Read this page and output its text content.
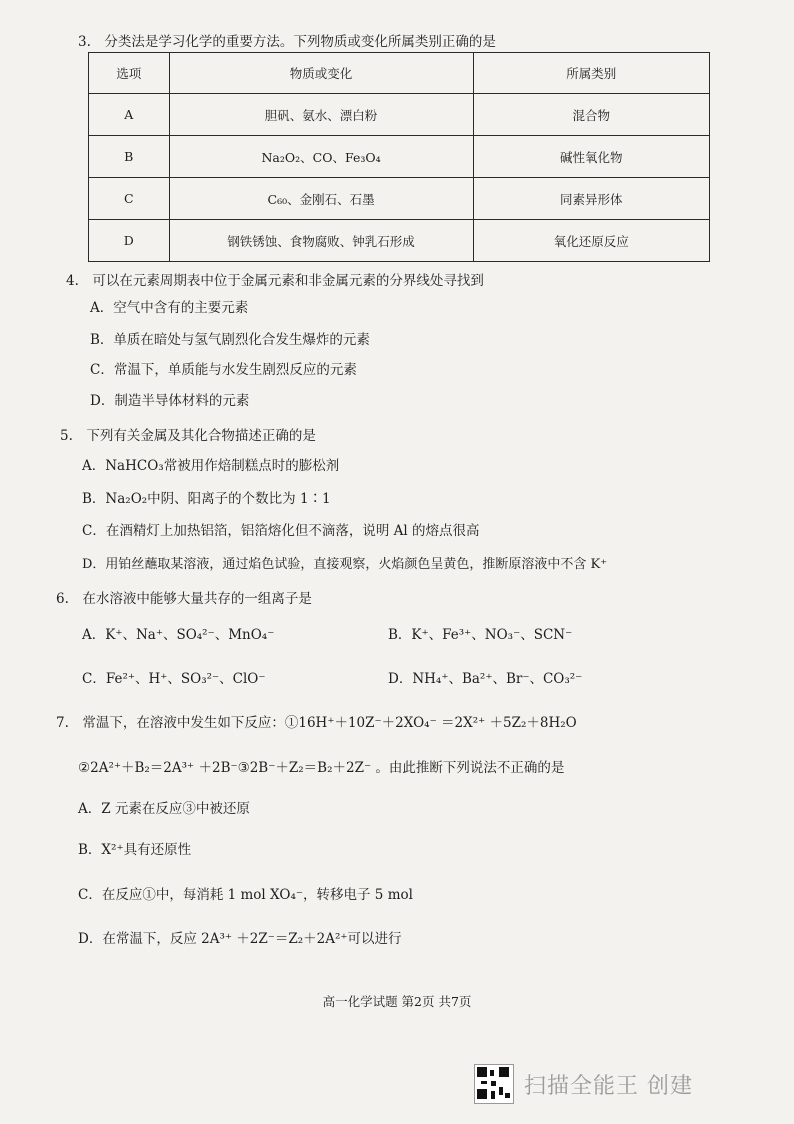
3.　分类法是学习化学的重要方法。下列物质或变化所属类别正确的是
选项	物质或变化	所属类别
A	胆矾、氨水、漂白粉	混合物
B	Na₂O₂、CO、Fe₃O₄	碱性氧化物
C	C₆₀、金刚石、石墨	同素异形体
D	钢铁锈蚀、食物腐败、钟乳石形成	氧化还原反应
4.　可以在元素周期表中位于金属元素和非金属元素的分界线处寻找到
A．空气中含有的主要元素
B．单质在暗处与氢气剧烈化合发生爆炸的元素
C．常温下，单质能与水发生剧烈反应的元素
D．制造半导体材料的元素
5.　下列有关金属及其化合物描述正确的是
A．NaHCO₃常被用作焙制糕点时的膨松剂
B．Na₂O₂中阴、阳离子的个数比为 1∶1
C．在酒精灯上加热铝箔，铝箔熔化但不滴落，说明 Al 的熔点很高
D．用铂丝蘸取某溶液，通过焰色试验，直接观察，火焰颜色呈黄色，推断原溶液中不含 K⁺
6.　在水溶液中能够大量共存的一组离子是
A．K⁺、Na⁺、SO₄²⁻、MnO₄⁻	B．K⁺、Fe³⁺、NO₃⁻、SCN⁻
C．Fe²⁺、H⁺、SO₃²⁻、ClO⁻	D．NH₄⁺、Ba²⁺、Br⁻、CO₃²⁻
7.　常温下，在溶液中发生如下反应：①16H⁺＋10Z⁻＋2XO₄⁻ ＝2X²⁺ ＋5Z₂＋8H₂O
②2A²⁺＋B₂＝2A³⁺ ＋2B⁻③2B⁻＋Z₂＝B₂＋2Z⁻ 。由此推断下列说法不正确的是
A．Z 元素在反应③中被还原
B．X²⁺具有还原性
C．在反应①中，每消耗 1 mol XO₄⁻，转移电子 5 mol
D．在常温下，反应 2A³⁺ ＋2Z⁻＝Z₂＋2A²⁺可以进行
高一化学试题 第2页 共7页
扫描全能王 创建
